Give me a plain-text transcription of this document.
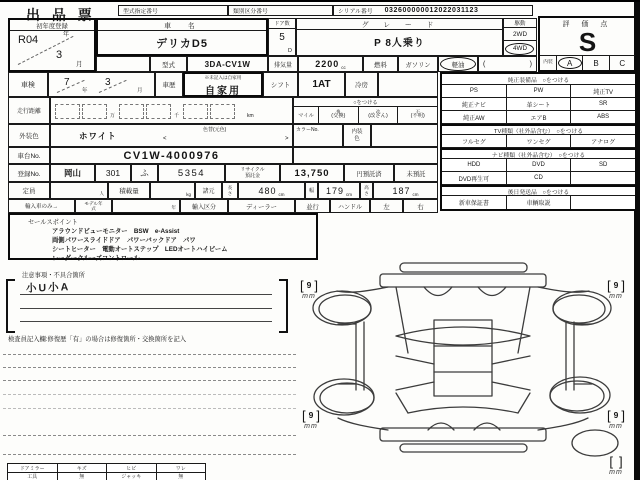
出 品 票	型式指定番号	類別区分番号	シリアル番号 032600000012022031123
初年度登録
R04	年
3
月
車　名
デリカD5
ドア数
5
D
グ　レ　ー　ド
P 8人乗り
駆動
2WD
4WD
型式	3DA-CV1W	排気量	2200 cc	燃料	ガソリン	軽油	(	)
評 価 点
S
内装	A	B	C
車検	7
年
3
月
車歴
※未記入は自家用
自家用
シフト	1AT	冷房
走行距離
万	千	km
○をつける
マイル
換
(交換)
改
(改ざん)
不
(不明)
外装色	ホワイト
色替(元色)
<	>
カラーNo.	内装色
車台No.	CV1W-4000976
登録No.	岡山	301	ふ	5354	リサイクル預託金	13,750	円預託済	未預託
定員	人	積載量	kg	諸元
長さ	480 cm
幅	179 cm
高さ	187 cm
輸入車のみ→
モデル年式	年	輸入区分	ディーラー	並行	ハンドル	左	右
セールスポイント
アラウンドビューモニター　BSW　e-Assist
両側パワースライドドア　パワーバックドア　パワ
シートヒーター　電動オートステップ　LEDオートハイビーム
レーダークルーズコントロール
純正装備品　○をつける
PS	PW	純正TV
純正ナビ	革シート	SR
純正AW	エアB	ABS
TV種類（社外品含む）　○をつける
フルセグ	ワンセグ	アナログ
ナビ種類（社外品含む）　○をつける
HDD	DVD	SD
DVD再生可	CD
後日発送品　○をつける
新車保証書	車輌取説
注意事項・不具合箇所
小U小A
検査員記入欄:修復歴「有」の場合は修復箇所・交換箇所を記入
ドアミラー	キズ	ヒビ	ワレ
工具	無	ジャッキ	無
[ 9 ]
mm
[ 9 ]
mm
[ 9 ]
mm
[ 9 ]
mm
[ ]
mm
